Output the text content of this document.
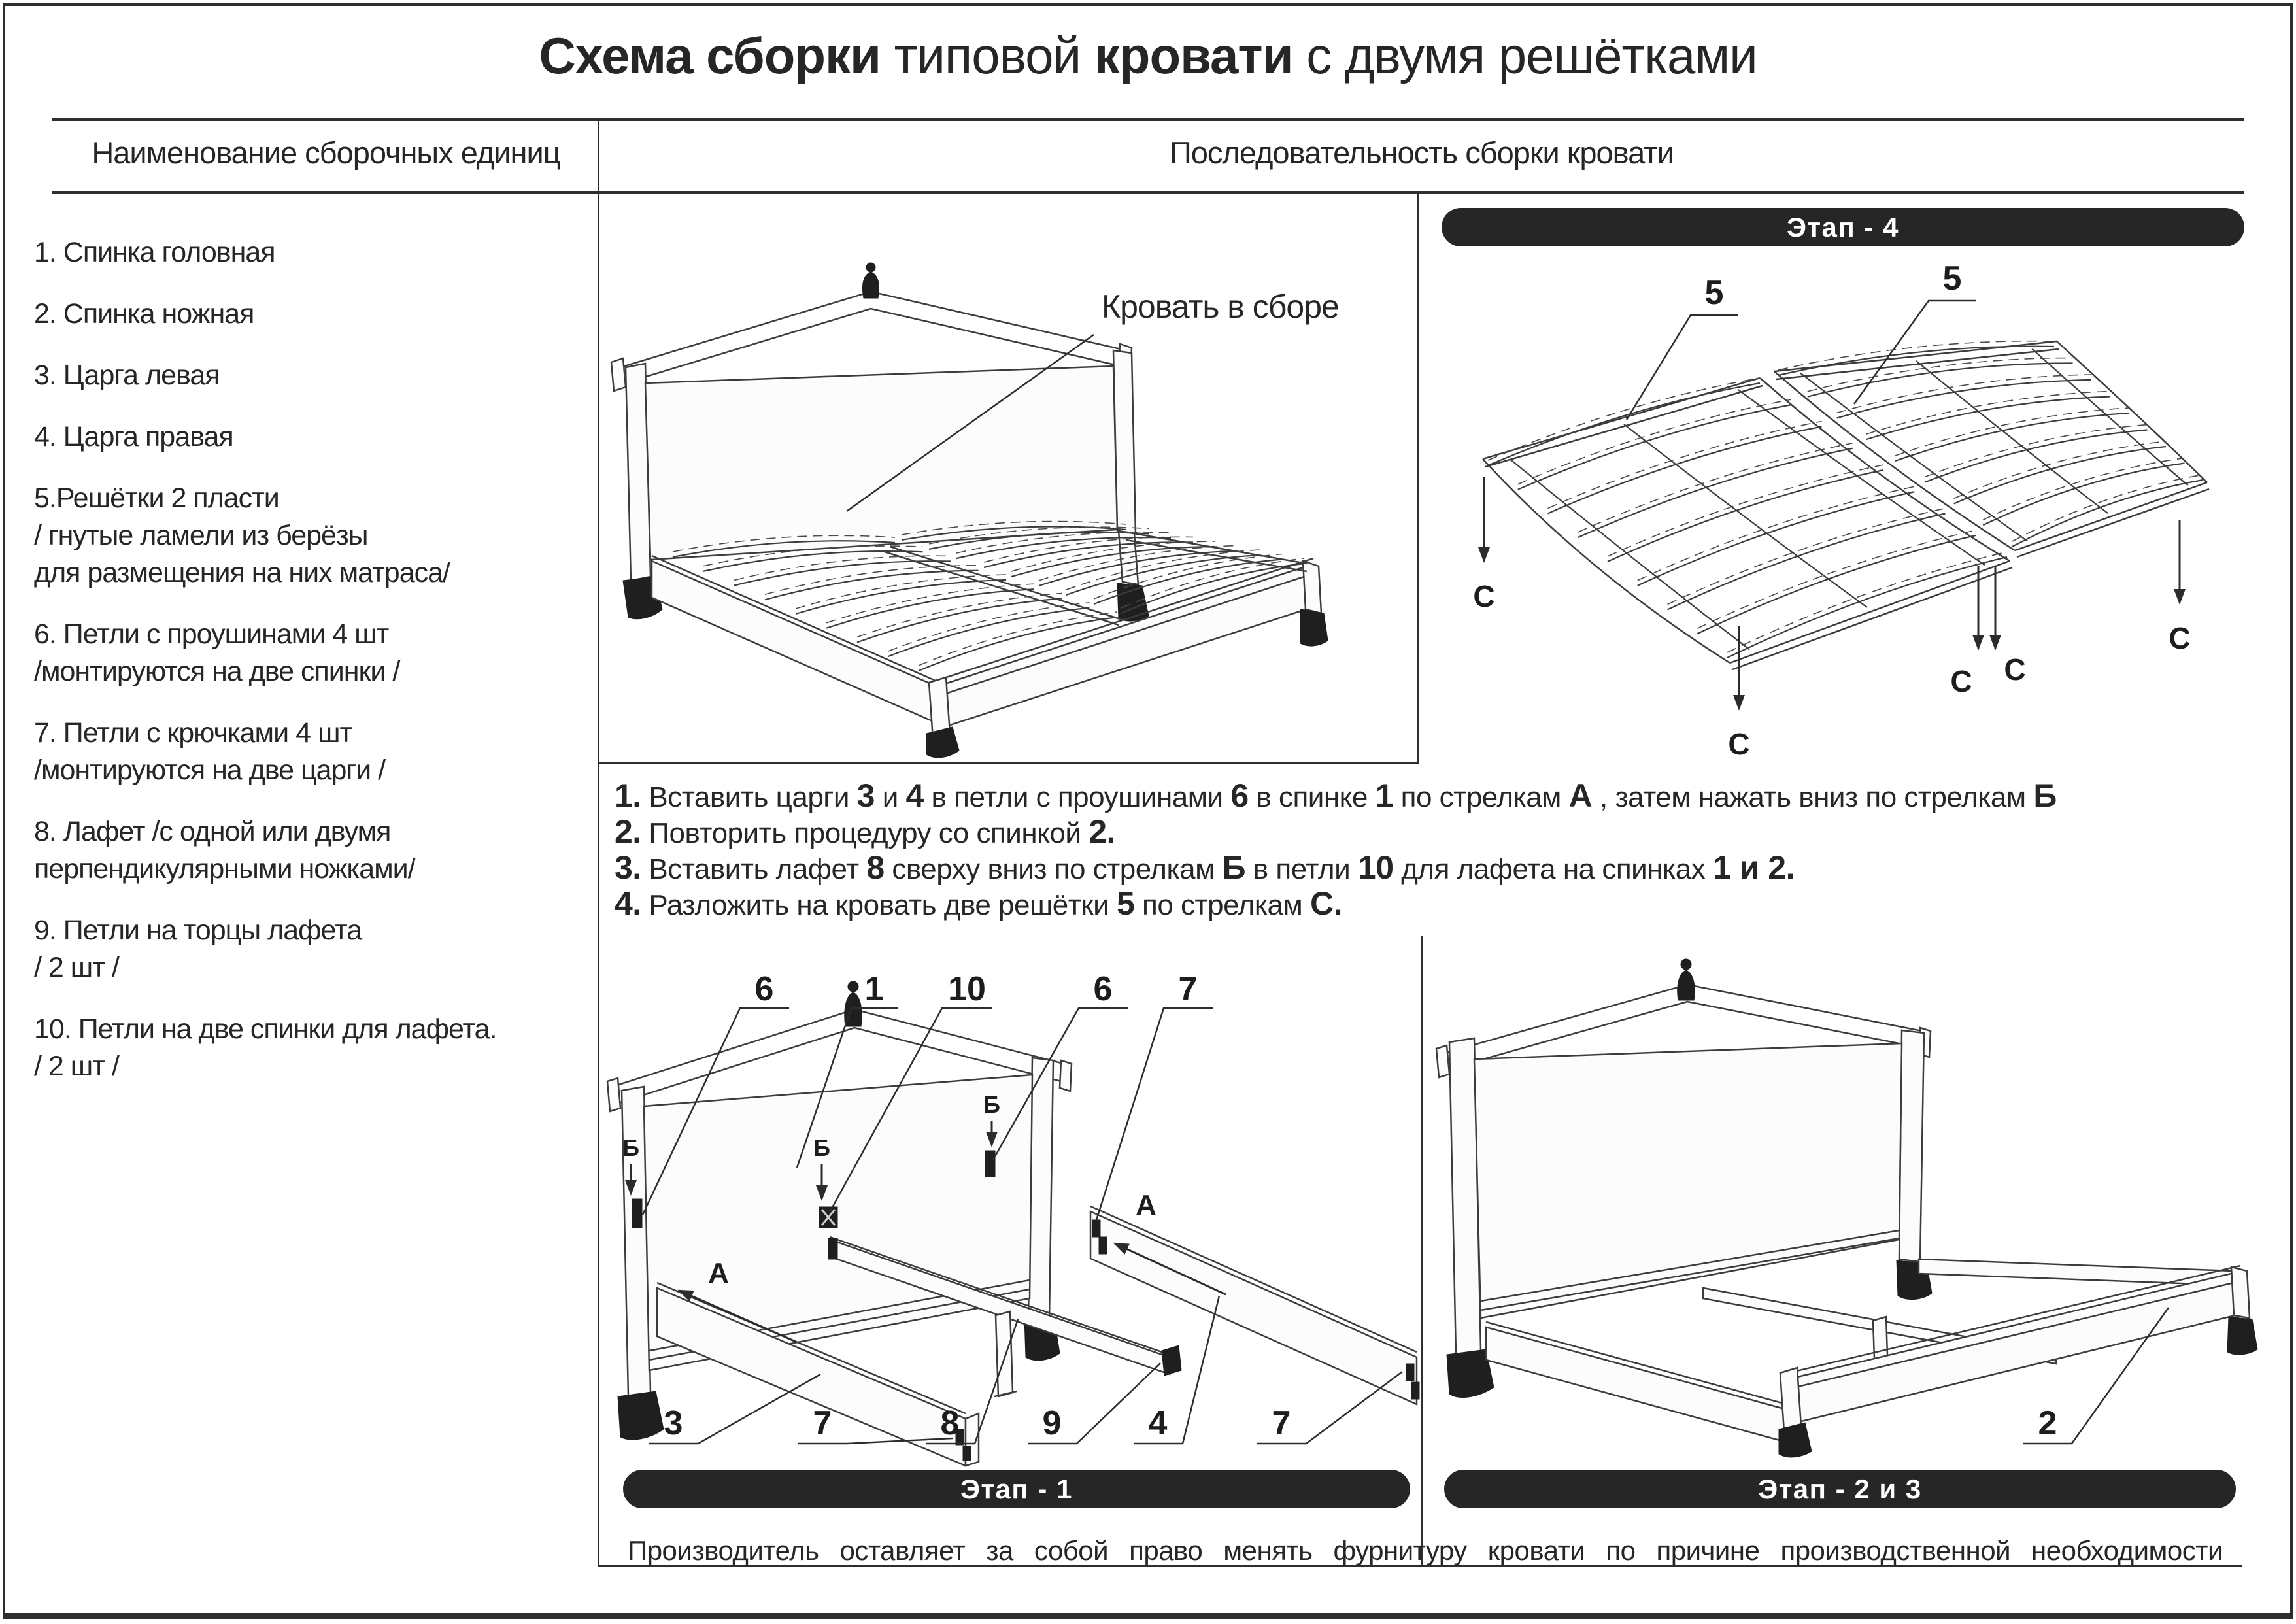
Схема сборки типовой кровати с двумя решётками
Наименование сборочных единиц	Последовательность сборки кровати
1. Спинка головная
2. Спинка ножная
3. Царга левая
4. Царга правая
5.Решётки 2 пласти
/ гнутые ламели из берёзы
для размещения на них матраса/
6. Петли с проушинами 4 шт
/монтируются на две спинки /
7. Петли с крючками 4 шт
/монтируются на две царги /
8. Лафет /с одной или двумя
перпендикулярными ножками/
9. Петли на торцы лафета
/ 2 шт /
10. Петли на две спинки для лафета.
/ 2 шт /
Кровать в сборе	5	5
С
С
С С
С
Этап - 4
1. Вставить царги 3 и 4 в петли с проушинами 6 в спинке 1 по стрелкам А , затем нажать вниз по стрелкам Б
2. Повторить процедуру со спинкой 2.
3. Вставить лафет 8 сверху вниз по стрелкам Б в петли 10 для лафета на спинках 1 и 2.
4. Разложить на кровать две решётки 5 по стрелкам С.
6	1 10	6 7
Б	Б
Б
А
А
3	7	8 9	4	7
Этап - 1
2
Этап - 2 и 3
Производитель оставляет за собой право менять фурнитуру кровати по причине производственной необходимости
